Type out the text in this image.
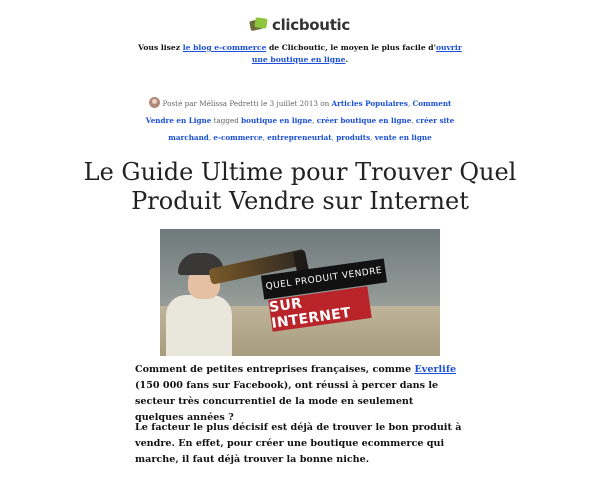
clicboutic
Vous lisez le blog e-commerce de Clicboutic, le moyen le plus facile d'ouvrir une boutique en ligne.
Posté par Mélissa Pedretti le 3 juillet 2013 on Articles Populaires, Comment Vendre en Ligne tagged boutique en ligne, créer boutique en ligne, créer site marchand, e-commerce, entrepreneuriat, produits, vente en ligne
Le Guide Ultime pour Trouver Quel Produit Vendre sur Internet
QUEL PRODUIT VENDRE
SUR INTERNET

Comment de petites entreprises françaises, comme Everlife (150 000 fans sur Facebook), ont réussi à percer dans le secteur très concurrentiel de la mode en seulement quelques années ?

Le facteur le plus décisif est déjà de trouver le bon produit à vendre. En effet, pour créer une boutique ecommerce qui marche, il faut déjà trouver la bonne niche.
